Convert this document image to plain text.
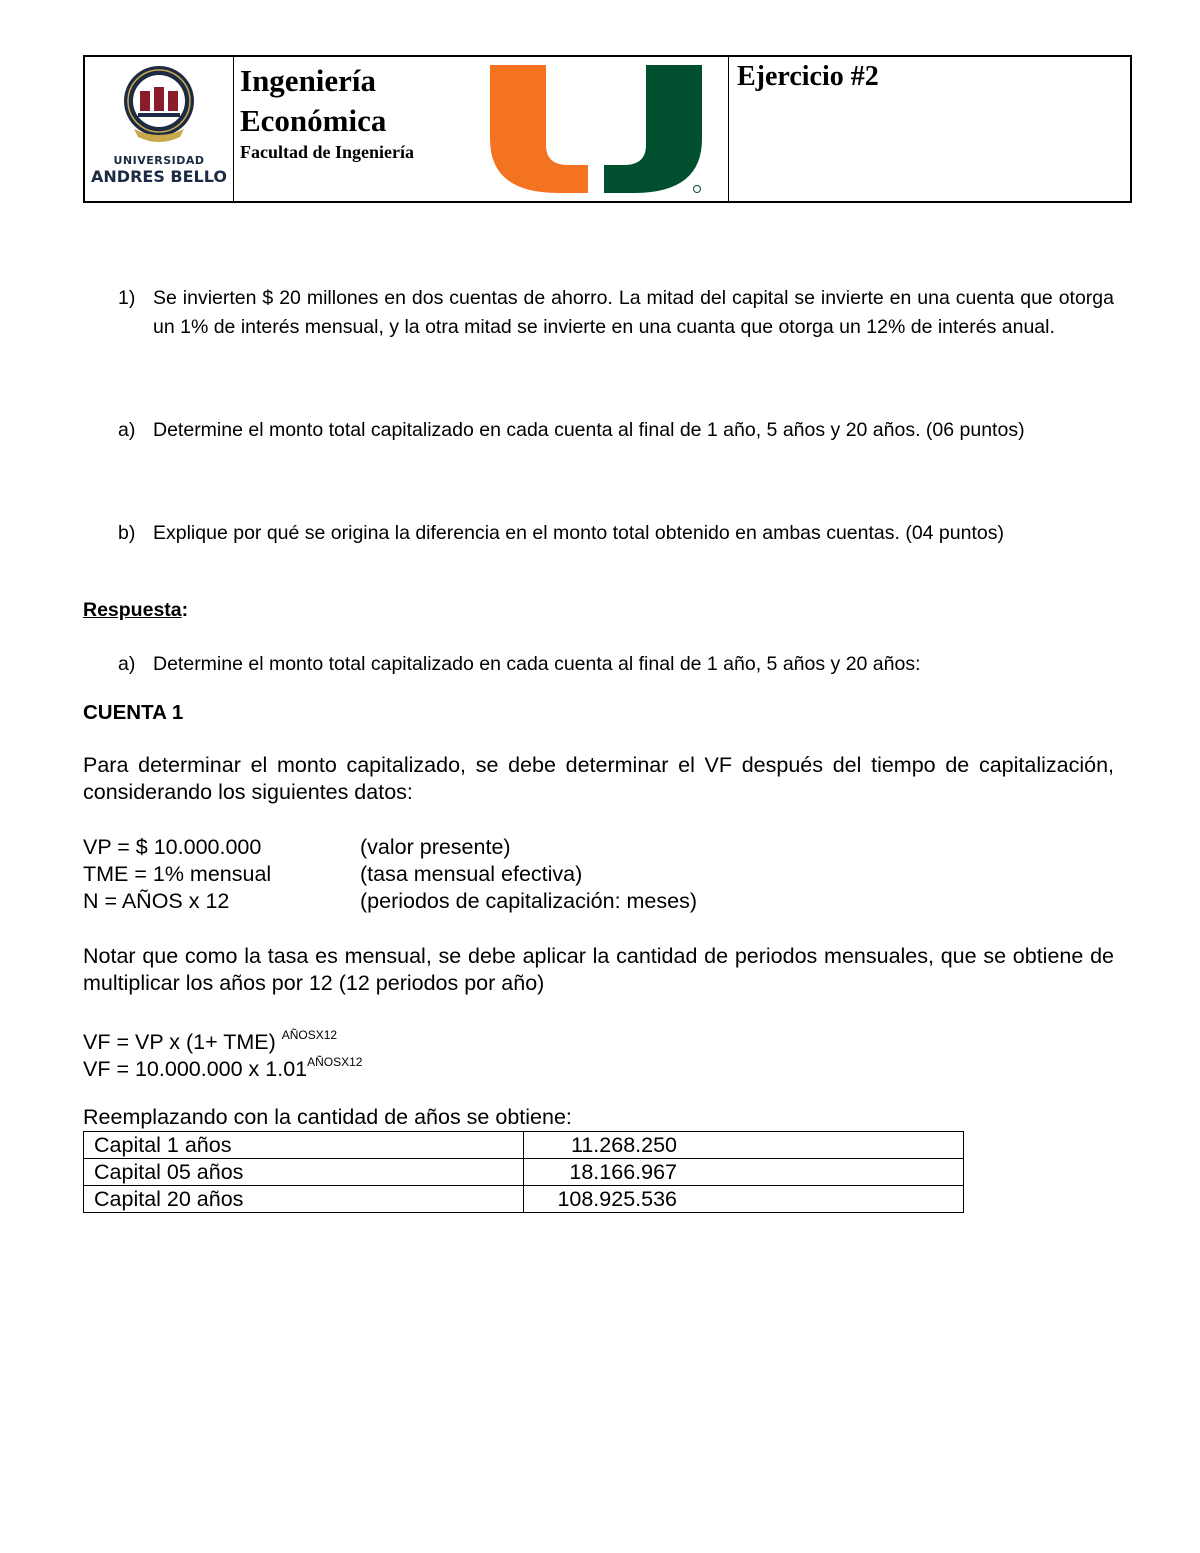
UNIVERSIDAD
ANDRES BELLO
Ingeniería
Económica
Facultad de Ingeniería
Ejercicio #2
1) Se invierten $ 20 millones en dos cuentas de ahorro. La mitad del capital se invierte en una cuenta que otorga un 1% de interés mensual, y la otra mitad se invierte en una cuanta que otorga un 12% de interés anual.
a) Determine el monto total capitalizado en cada cuenta al final de 1 año, 5 años y 20 años. (06 puntos)
b) Explique por qué se origina la diferencia en el monto total obtenido en ambas cuentas. (04 puntos)
Respuesta:
a) Determine el monto total capitalizado en cada cuenta al final de 1 año, 5 años y 20 años:
CUENTA 1
Para determinar el monto capitalizado, se debe determinar el VF después del tiempo de capitalización, considerando los siguientes datos:
VP = $ 10.000.000	(valor presente)
TME = 1% mensual	(tasa mensual efectiva)
N = AÑOS x 12	(periodos de capitalización: meses)
Notar que como la tasa es mensual, se debe aplicar la cantidad de periodos mensuales, que se obtiene de multiplicar los años por 12 (12 periodos por año)
VF = VP x (1+ TME) $^{AÑOSX12}$
VF = 10.000.000 x $1.01^{AÑOSX12}$
Reemplazando con la cantidad de años se obtiene:
Capital 1 años	11.268.250
Capital 05 años	18.166.967
Capital 20 años	108.925.536
